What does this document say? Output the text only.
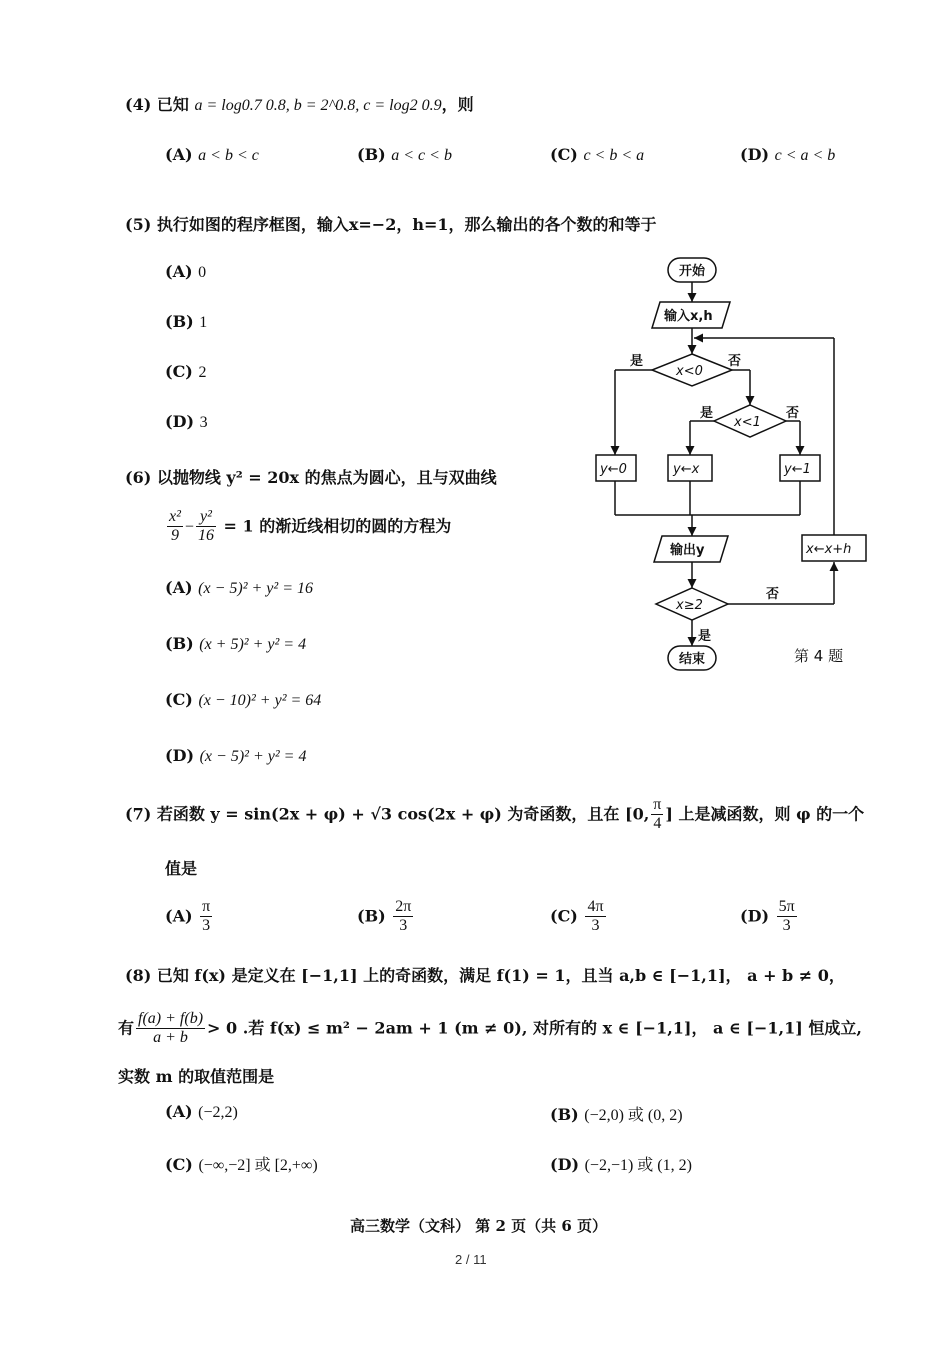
(4) 已知 a = log0.7 0.8, b = 2^0.8, c = log2 0.9，则
(A) a < b < c	(B) a < c < b	(C) c < b < a	(D) c < a < b
(5) 执行如图的程序框图，输入x=−2，h=1，那么输出的各个数的和等于
(A) 0
(B) 1
(C) 2
(D) 3
开始
输入x,h
x<0
是	否
x<1
是	否
y←0	y←x	y←1
输出y
x≥2
否
是
x←x+h
结束	第 4 题
(6) 以抛物线 y² = 20x 的焦点为圆心，且与双曲线
$\frac{\text{x²}}{9} - \frac{\text{y²}}{16} = 1$ 的渐近线相切的圆的方程为
(A) (x − 5)² + y² = 16
(B) (x + 5)² + y² = 4
(C) (x − 10)² + y² = 64
(D) (x − 5)² + y² = 4
(7) 若函数 y = sin(2x + φ) + √3 cos(2x + φ) 为奇函数，且在 [0, $\frac{\pi}{4}$ ] 上是减函数，则 φ 的一个
值是
$(A) \frac{\pi}{3}$	$(B) \frac{2\pi}{3}$	$(C) \frac{4\pi}{3}$	$(D) \frac{5\pi}{3}$
(8) 已知 f(x) 是定义在 [−1,1] 上的奇函数，满足 f(1) = 1，且当 a,b ∈ [−1,1]， a + b ≠ 0，
有 $\frac{f(a) + f(b)}{a + b} > 0$ .若 f(x) ≤ m² − 2am + 1 (m ≠ 0), 对所有的 x ∈ [−1,1]， a ∈ [−1,1] 恒成立,
实数 m 的取值范围是
(A) (−2,2)	(B) (−2,0) 或 (0, 2)
(C) (−∞,−2] 或 [2,+∞)	(D) (−2,−1) 或 (1, 2)
高三数学（文科） 第 2 页（共 6 页）
2 / 11
